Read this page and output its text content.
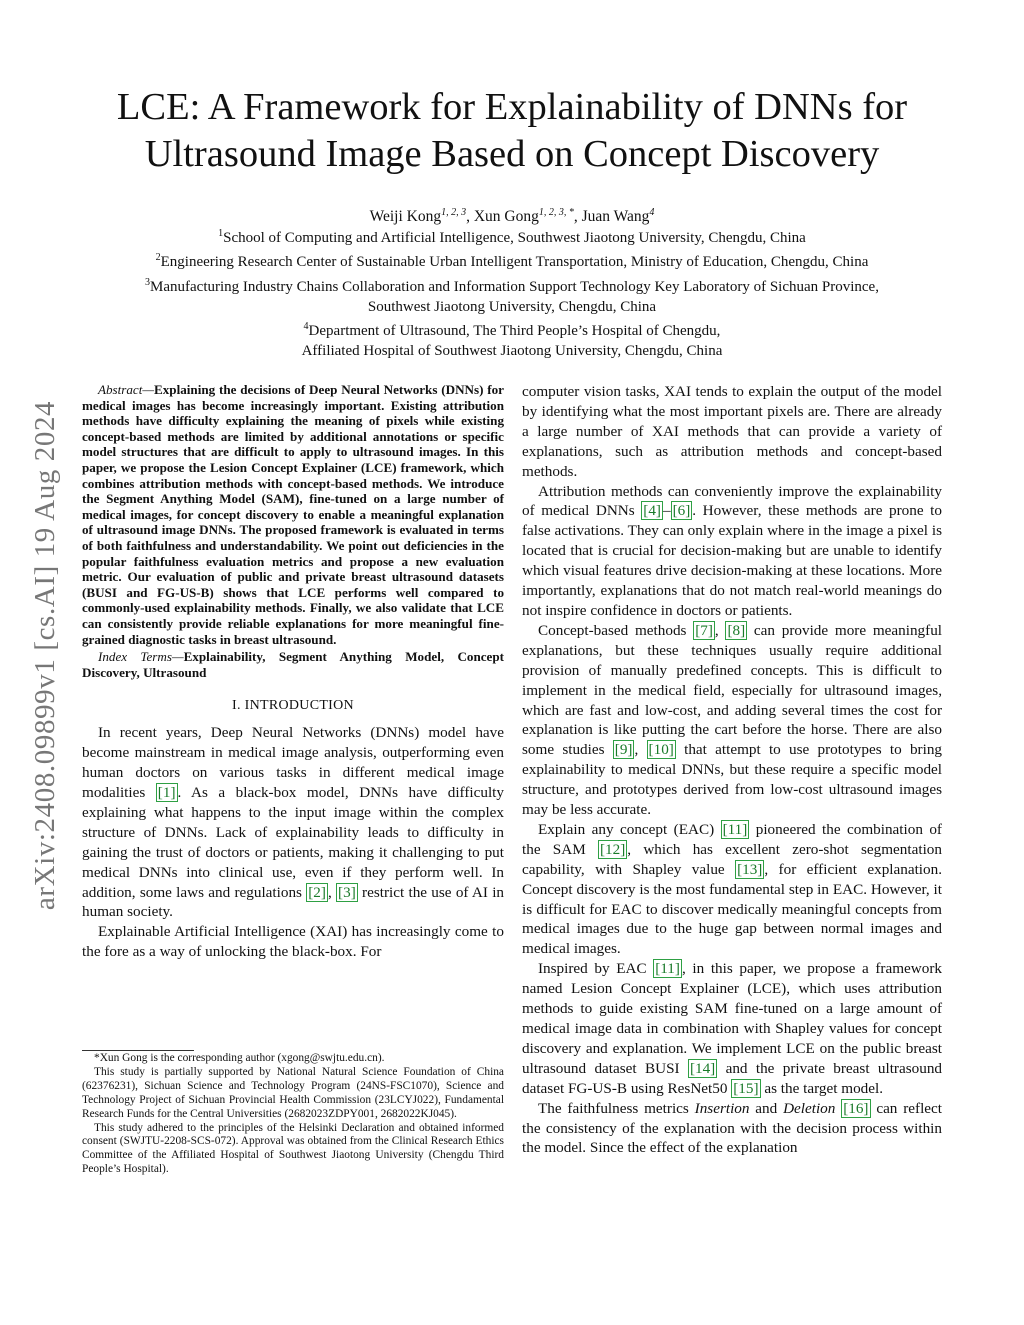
arXiv:2408.09899v1 [cs.AI] 19 Aug 2024
LCE: A Framework for Explainability of DNNs for Ultrasound Image Based on Concept Discovery
Weiji Kong$^{1, 2, 3}$, Xun Gong$^{1, 2, 3, *}$, Juan Wang$^4$
$^1$School of Computing and Artificial Intelligence, Southwest Jiaotong University, Chengdu, China
$^2$Engineering Research Center of Sustainable Urban Intelligent Transportation, Ministry of Education, Chengdu, China
$^3$Manufacturing Industry Chains Collaboration and Information Support Technology Key Laboratory of Sichuan Province,
Southwest Jiaotong University, Chengdu, China
$^4$Department of Ultrasound, The Third People’s Hospital of Chengdu,
Affiliated Hospital of Southwest Jiaotong University, Chengdu, China

Abstract—Explaining the decisions of Deep Neural Networks (DNNs) for medical images has become increasingly important. Existing attribution methods have difficulty explaining the meaning of pixels while existing concept-based methods are limited by additional annotations or specific model structures that are difficult to apply to ultrasound images. In this paper, we propose the Lesion Concept Explainer (LCE) framework, which combines attribution methods with concept-based methods. We introduce the Segment Anything Model (SAM), fine-tuned on a large number of medical images, for concept discovery to enable a meaningful explanation of ultrasound image DNNs. The proposed framework is evaluated in terms of both faithfulness and understandability. We point out deficiencies in the popular faithfulness evaluation metrics and propose a new evaluation metric. Our evaluation of public and private breast ultrasound datasets (BUSI and FG-US-B) shows that LCE performs well compared to commonly-used explainability methods. Finally, we also validate that LCE can consistently provide reliable explanations for more meaningful fine-grained diagnostic tasks in breast ultrasound.

Index Terms—Explainability, Segment Anything Model, Concept Discovery, Ultrasound

I. INTRODUCTION

In recent years, Deep Neural Networks (DNNs) model have become mainstream in medical image analysis, outperforming even human doctors on various tasks in different medical image modalities [1] . As a black-box model, DNNs have difficulty explaining what happens to the input image within the complex structure of DNNs. Lack of explainability leads to difficulty in gaining the trust of doctors or patients, making it challenging to put medical DNNs into clinical use, even if they perform well. In addition, some laws and regulations [2] , [3] restrict the use of AI in human society.

Explainable Artificial Intelligence (XAI) has increasingly come to the fore as a way of unlocking the black-box. For

*Xun Gong is the corresponding author (xgong@swjtu.edu.cn).

This study is partially supported by National Natural Science Foundation of China (62376231), Sichuan Science and Technology Program (24NS-FSC1070), Science and Technology Project of Sichuan Provincial Health Commission (23LCYJ022), Fundamental Research Funds for the Central Universities (2682023ZDPY001, 2682022KJ045).

This study adhered to the principles of the Helsinki Declaration and obtained informed consent (SWJTU-2208-SCS-072). Approval was obtained from the Clinical Research Ethics Committee of the Affiliated Hospital of Southwest Jiaotong University (Chengdu Third People’s Hospital).

computer vision tasks, XAI tends to explain the output of the model by identifying what the most important pixels are. There are already a large number of XAI methods that can provide a variety of explanations, such as attribution methods and concept-based methods.

Attribution methods can conveniently improve the explainability of medical DNNs [4] – [6] . However, these methods are prone to false activations. They can only explain where in the image a pixel is located that is crucial for decision-making but are unable to identify which visual features drive decision-making at these locations. More importantly, explanations that do not match real-world meanings do not inspire confidence in doctors or patients.

Concept-based methods [7] , [8] can provide more meaningful explanations, but these techniques usually require additional provision of manually predefined concepts. This is difficult to implement in the medical field, especially for ultrasound images, which are fast and low-cost, and adding several times the cost for explanation is like putting the cart before the horse. There are also some studies [9] , [10] that attempt to use prototypes to bring explainability to medical DNNs, but these require a specific model structure, and prototypes derived from low-cost ultrasound images may be less accurate.

Explain any concept (EAC) [11] pioneered the combination of the SAM [12] , which has excellent zero-shot segmentation capability, with Shapley value [13] , for efficient explanation. Concept discovery is the most fundamental step in EAC. However, it is difficult for EAC to discover medically meaningful concepts from medical images due to the huge gap between normal images and medical images.

Inspired by EAC [11] , in this paper, we propose a framework named Lesion Concept Explainer (LCE), which uses attribution methods to guide existing SAM fine-tuned on a large amount of medical image data in combination with Shapley values for concept discovery and explanation. We implement LCE on the public breast ultrasound dataset BUSI [14] and the private breast ultrasound dataset FG-US-B using ResNet50 [15] as the target model.

The faithfulness metrics Insertion and Deletion [16] can reflect the consistency of the explanation with the decision process within the model. Since the effect of the explanation
